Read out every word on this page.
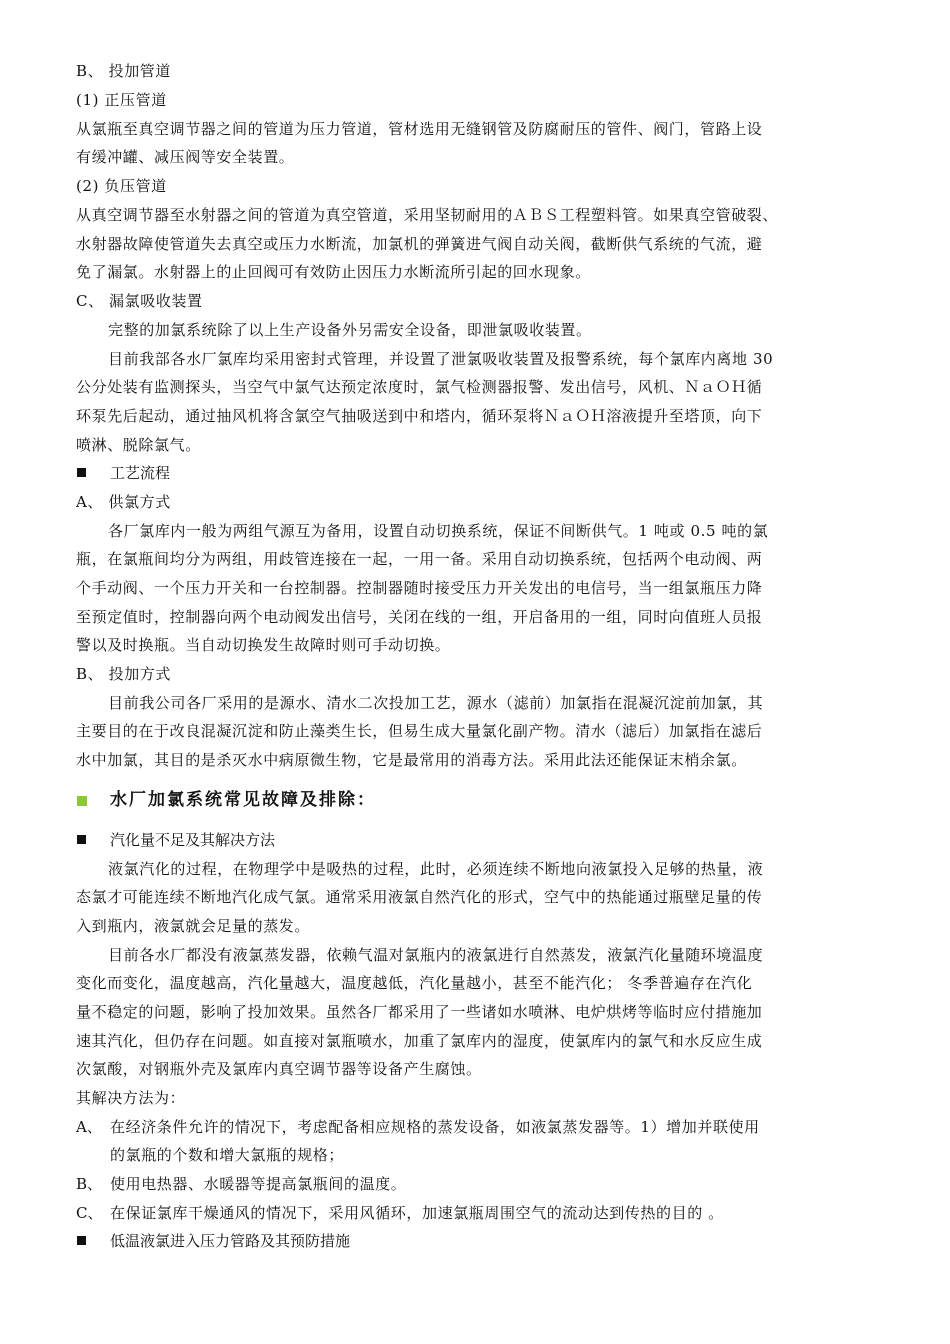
B、 投加管道
(1) 正压管道
从氯瓶至真空调节器之间的管道为压力管道，管材选用无缝钢管及防腐耐压的管件、阀门，管路上设
有缓冲罐、减压阀等安全装置。
(2) 负压管道
从真空调节器至水射器之间的管道为真空管道，采用坚韧耐用的ＡＢＳ工程塑料管。如果真空管破裂、
水射器故障使管道失去真空或压力水断流，加氯机的弹簧进气阀自动关阀，截断供气系统的气流，避
免了漏氯。水射器上的止回阀可有效防止因压力水断流所引起的回水现象。
C、 漏氯吸收装置
完整的加氯系统除了以上生产设备外另需安全设备，即泄氯吸收装置。
目前我部各水厂氯库均采用密封式管理，并设置了泄氯吸收装置及报警系统，每个氯库内离地 30
公分处装有监测探头，当空气中氯气达预定浓度时，氯气检测器报警、发出信号，风机、ＮａＯＨ循
环泵先后起动，通过抽风机将含氯空气抽吸送到中和塔内，循环泵将ＮａＯＨ溶液提升至塔顶，向下
喷淋、脱除氯气。
工艺流程
A、 供氯方式
各厂氯库内一般为两组气源互为备用，设置自动切换系统，保证不间断供气。1 吨或 0.5 吨的氯
瓶，在氯瓶间均分为两组，用歧管连接在一起，一用一备。采用自动切换系统，包括两个电动阀、两
个手动阀、一个压力开关和一台控制器。控制器随时接受压力开关发出的电信号，当一组氯瓶压力降
至预定值时，控制器向两个电动阀发出信号，关闭在线的一组，开启备用的一组，同时向值班人员报
警以及时换瓶。当自动切换发生故障时则可手动切换。
B、 投加方式
目前我公司各厂采用的是源水、清水二次投加工艺，源水（滤前）加氯指在混凝沉淀前加氯，其
主要目的在于改良混凝沉淀和防止藻类生长，但易生成大量氯化副产物。清水（滤后）加氯指在滤后
水中加氯，其目的是杀灭水中病原微生物，它是最常用的消毒方法。采用此法还能保证末梢余氯。
水厂加氯系统常见故障及排除：
汽化量不足及其解决方法
液氯汽化的过程，在物理学中是吸热的过程，此时，必须连续不断地向液氯投入足够的热量，液
态氯才可能连续不断地汽化成气氯。通常采用液氯自然汽化的形式，空气中的热能通过瓶壁足量的传
入到瓶内，液氯就会足量的蒸发。
目前各水厂都没有液氯蒸发器，依赖气温对氯瓶内的液氯进行自然蒸发，液氯汽化量随环境温度
变化而变化，温度越高，汽化量越大，温度越低，汽化量越小，甚至不能汽化； 冬季普遍存在汽化
量不稳定的问题，影响了投加效果。虽然各厂都采用了一些诸如水喷淋、电炉烘烤等临时应付措施加
速其汽化，但仍存在问题。如直接对氯瓶喷水，加重了氯库内的湿度，使氯库内的氯气和水反应生成
次氯酸，对钢瓶外壳及氯库内真空调节器等设备产生腐蚀。
其解决方法为：
A、 在经济条件允许的情况下，考虑配备相应规格的蒸发设备，如液氯蒸发器等。1）增加并联使用
的氯瓶的个数和增大氯瓶的规格；
B、 使用电热器、水暖器等提高氯瓶间的温度。
C、 在保证氯库干燥通风的情况下，采用风循环，加速氯瓶周围空气的流动达到传热的目的 。
低温液氯进入压力管路及其预防措施
